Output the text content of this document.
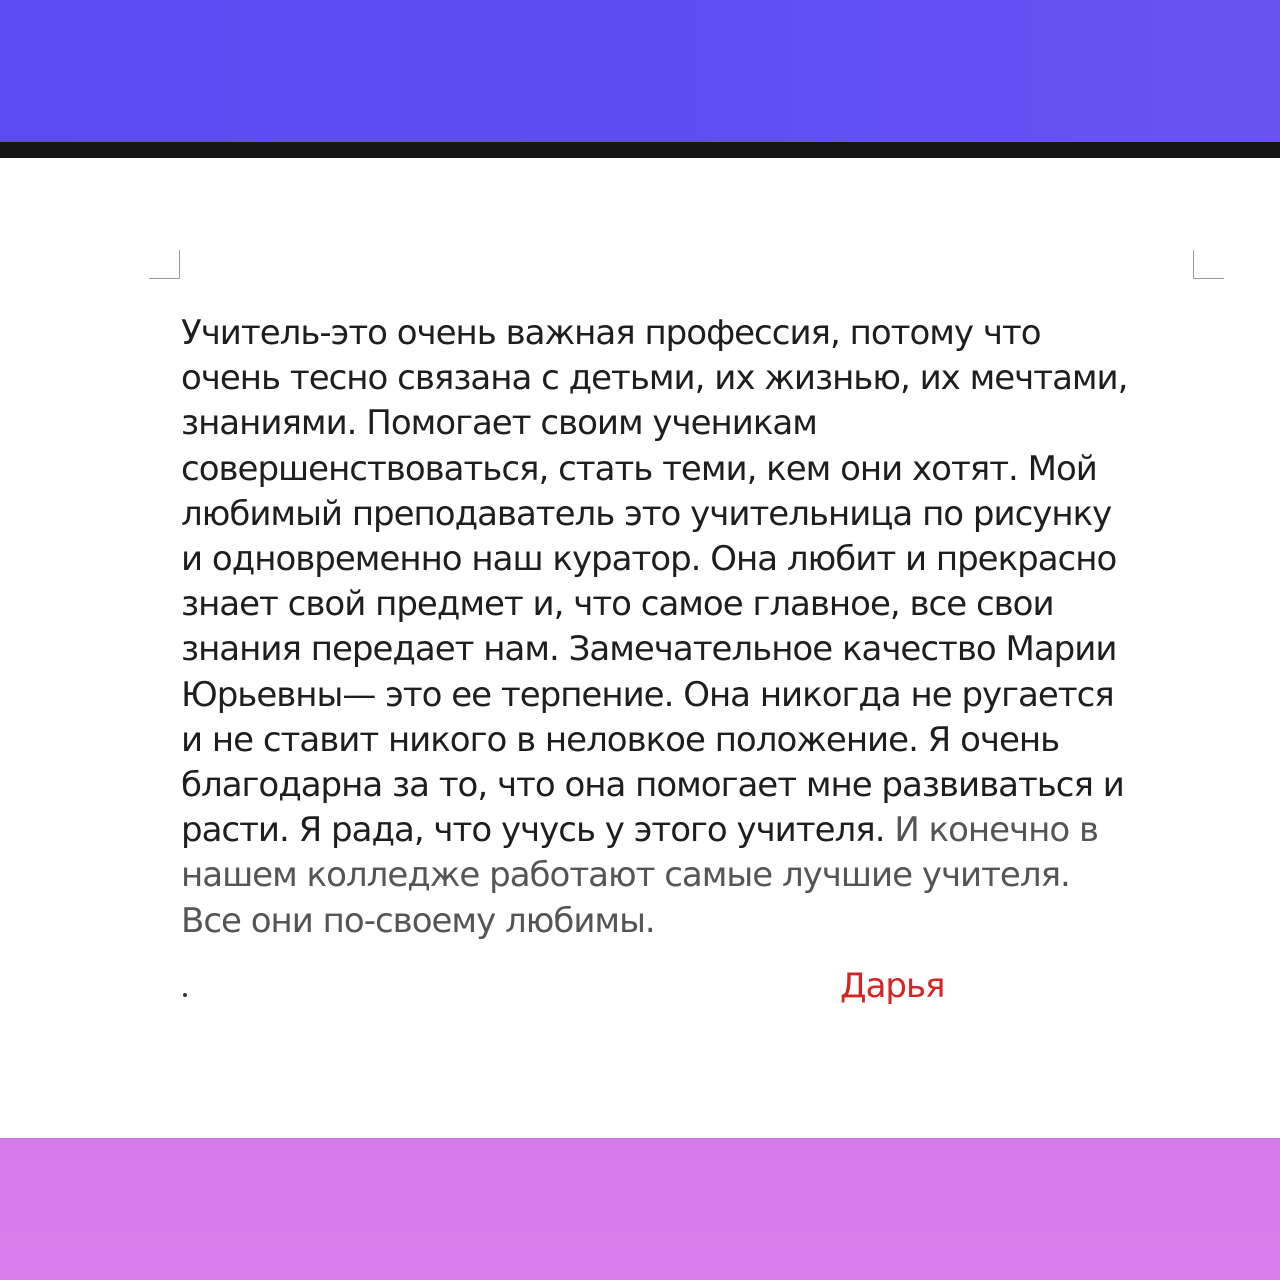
Учитель-это очень важная профессия, потому что
очень тесно связана с детьми, их жизнью, их мечтами,
знаниями. Помогает своим ученикам
совершенствоваться, стать теми, кем они хотят. Мой
любимый преподаватель это учительница по рисунку
и одновременно наш куратор. Она любит и прекрасно
знает свой предмет и, что самое главное, все свои
знания передает нам. Замечательное качество Марии
Юрьевны— это ее терпение. Она никогда не ругается
и не ставит никого в неловкое положение. Я очень
благодарна за то, что она помогает мне развиваться и
расти. Я рада, что учусь у этого учителя. И конечно в
нашем колледже работают самые лучшие учителя.
Все они по-своему любимы.

Дарья
